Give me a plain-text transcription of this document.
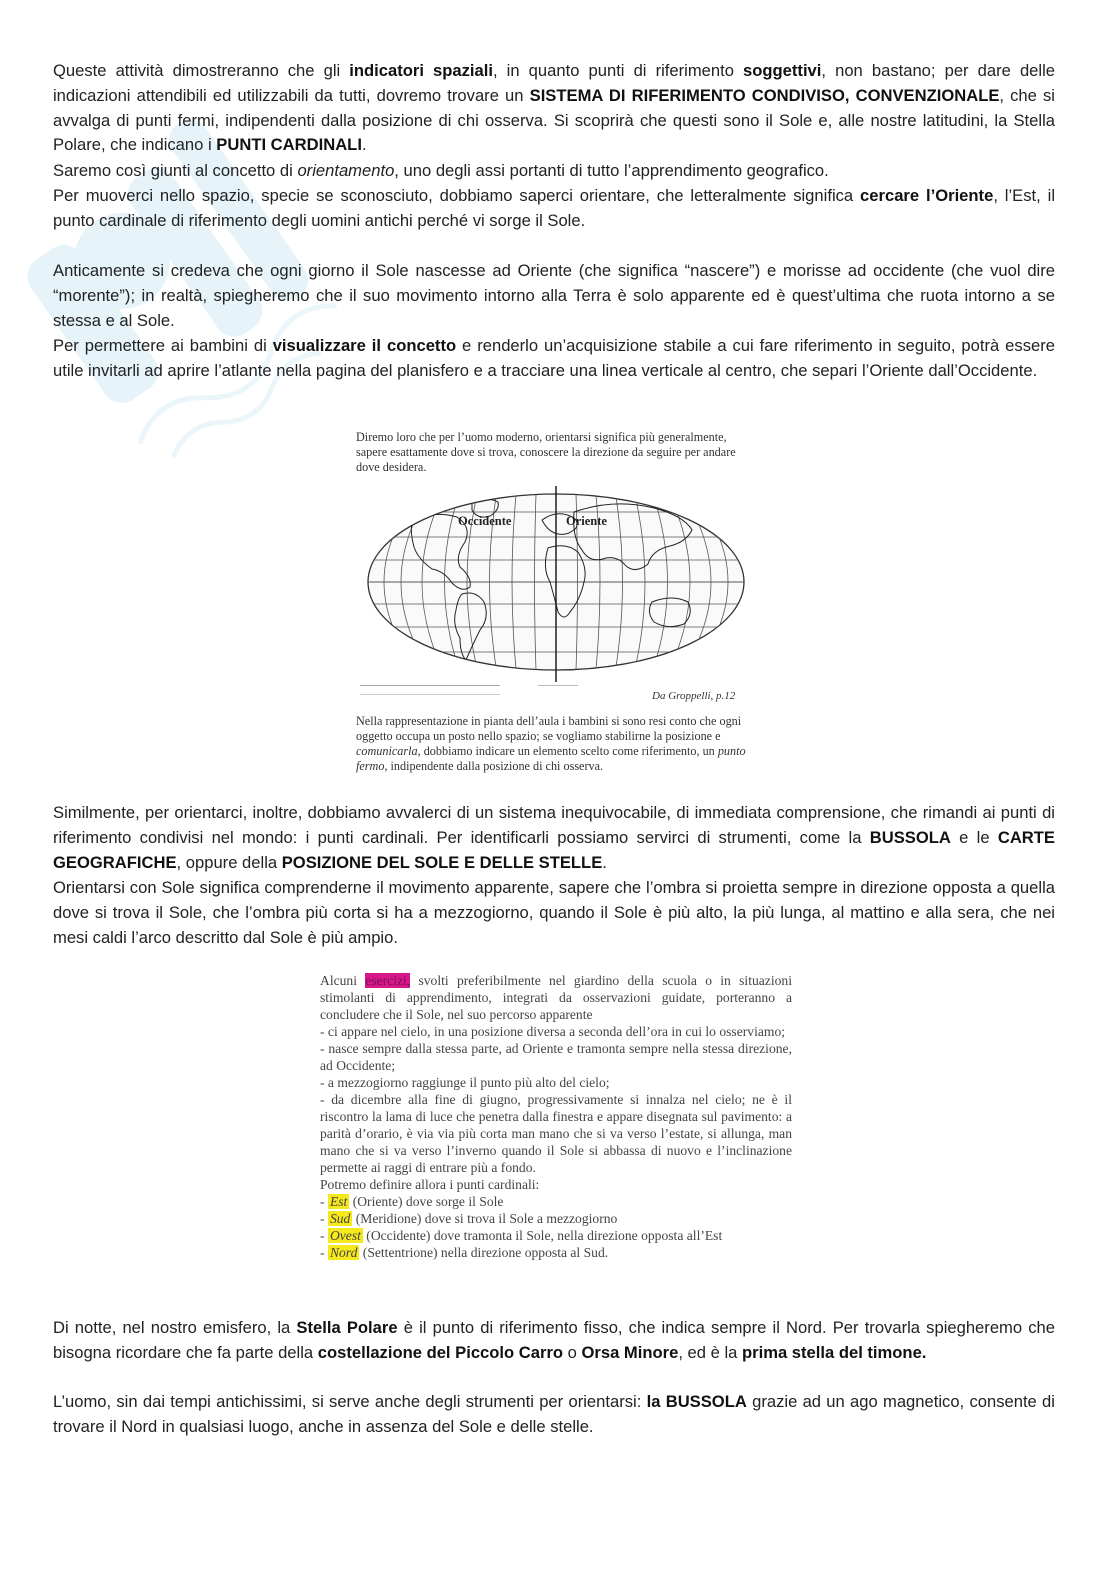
Queste attività dimostreranno che gli indicatori spaziali, in quanto punti di riferimento soggettivi, non bastano; per dare delle indicazioni attendibili ed utilizzabili da tutti, dovremo trovare un SISTEMA DI RIFERIMENTO CONDIVISO, CONVENZIONALE, che si avvalga di punti fermi, indipendenti dalla posizione di chi osserva. Si scoprirà che questi sono il Sole e, alle nostre latitudini, la Stella Polare, che indicano i PUNTI CARDINALI.

Saremo così giunti al concetto di orientamento, uno degli assi portanti di tutto l’apprendimento geografico.

Per muoverci nello spazio, specie se sconosciuto, dobbiamo saperci orientare, che letteralmente significa cercare l’Oriente, l’Est, il punto cardinale di riferimento degli uomini antichi perché vi sorge il Sole.

Anticamente si credeva che ogni giorno il Sole nascesse ad Oriente (che significa “nascere”) e morisse ad occidente (che vuol dire “morente”); in realtà, spiegheremo che il suo movimento intorno alla Terra è solo apparente ed è quest’ultima che ruota intorno a se stessa e al Sole.

Per permettere ai bambini di visualizzare il concetto e renderlo un’acquisizione stabile a cui fare riferimento in seguito, potrà essere utile invitarli ad aprire l’atlante nella pagina del planisfero e a tracciare una linea verticale al centro, che separi l’Oriente dall’Occidente.

Diremo loro che per l’uomo moderno, orientarsi significa più generalmente, sapere esattamente dove si trova, conoscere la direzione da seguire per andare dove desidera.

Occidente	Oriente

Da Groppelli, p.12

Nella rappresentazione in pianta dell’aula i bambini si sono resi conto che ogni oggetto occupa un posto nello spazio; se vogliamo stabilirne la posizione e comunicarla, dobbiamo indicare un elemento scelto come riferimento, un punto fermo, indipendente dalla posizione di chi osserva.

Similmente, per orientarci, inoltre, dobbiamo avvalerci di un sistema inequivocabile, di immediata comprensione, che rimandi ai punti di riferimento condivisi nel mondo: i punti cardinali. Per identificarli possiamo servirci di strumenti, come la BUSSOLA e le CARTE GEOGRAFICHE, oppure della POSIZIONE DEL SOLE E DELLE STELLE.

Orientarsi con Sole significa comprenderne il movimento apparente, sapere che l’ombra si proietta sempre in direzione opposta a quella dove si trova il Sole, che l’ombra più corta si ha a mezzogiorno, quando il Sole è più alto, la più lunga, al mattino e alla sera, che nei mesi caldi l’arco descritto dal Sole è più ampio.

Alcuni esercizi, svolti preferibilmente nel giardino della scuola o in situazioni stimolanti di apprendimento, integrati da osservazioni guidate, porteranno a concludere che il Sole, nel suo percorso apparente

- ci appare nel cielo, in una posizione diversa a seconda dell’ora in cui lo osserviamo;

- nasce sempre dalla stessa parte, ad Oriente e tramonta sempre nella stessa direzione, ad Occidente;

- a mezzogiorno raggiunge il punto più alto del cielo;

- da dicembre alla fine di giugno, progressivamente si innalza nel cielo; ne è il riscontro la lama di luce che penetra dalla finestra e appare disegnata sul pavimento: a parità d’orario, è via via più corta man mano che si va verso l’estate, si allunga, man mano che si va verso l’inverno quando il Sole si abbassa di nuovo e l’inclinazione permette ai raggi di entrare più a fondo.

Potremo definire allora i punti cardinali:

- Est (Oriente) dove sorge il Sole

- Sud (Meridione) dove si trova il Sole a mezzogiorno

- Ovest (Occidente) dove tramonta il Sole, nella direzione opposta all’Est

- Nord (Settentrione) nella direzione opposta al Sud.

Di notte, nel nostro emisfero, la Stella Polare è il punto di riferimento fisso, che indica sempre il Nord. Per trovarla spiegheremo che bisogna ricordare che fa parte della costellazione del Piccolo Carro o Orsa Minore, ed è la prima stella del timone.

L’uomo, sin dai tempi antichissimi, si serve anche degli strumenti per orientarsi: la BUSSOLA grazie ad un ago magnetico, consente di trovare il Nord in qualsiasi luogo, anche in assenza del Sole e delle stelle.
